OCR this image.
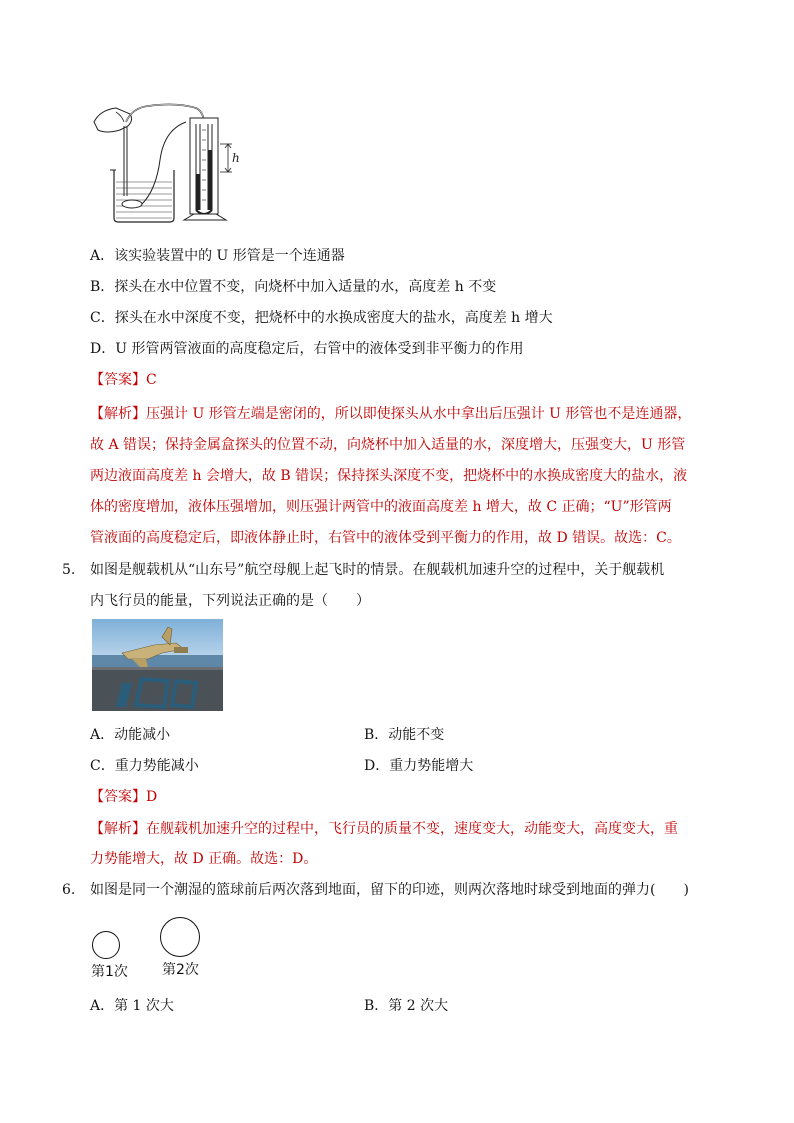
h
A．该实验装置中的 U 形管是一个连通器
B．探头在水中位置不变，向烧杯中加入适量的水，高度差 h 不变
C．探头在水中深度不变，把烧杯中的水换成密度大的盐水，高度差 h 增大
D．U 形管两管液面的高度稳定后，右管中的液体受到非平衡力的作用
【答案】C
【解析】压强计 U 形管左端是密闭的，所以即使探头从水中拿出后压强计 U 形管也不是连通器，
故 A 错误；保持金属盒探头的位置不动，向烧杯中加入适量的水，深度增大，压强变大，U 形管
两边液面高度差 h 会增大，故 B 错误；保持探头深度不变，把烧杯中的水换成密度大的盐水，液
体的密度增加，液体压强增加，则压强计两管中的液面高度差 h 增大，故 C 正确；“U”形管两
管液面的高度稳定后，即液体静止时，右管中的液体受到平衡力的作用，故 D 错误。故选：C。
5. 如图是舰载机从“山东号”航空母舰上起飞时的情景。在舰载机加速升空的过程中，关于舰载机
内飞行员的能量，下列说法正确的是（　　）
A．动能减小	B．动能不变
C．重力势能减小	D．重力势能增大
【答案】D
【解析】在舰载机加速升空的过程中，飞行员的质量不变，速度变大，动能变大，高度变大，重
力势能增大，故 D 正确。故选：D。
6. 如图是同一个潮湿的篮球前后两次落到地面，留下的印迹，则两次落地时球受到地面的弹力(　　)
第1次 第2次
A．第 1 次大	B．第 2 次大
